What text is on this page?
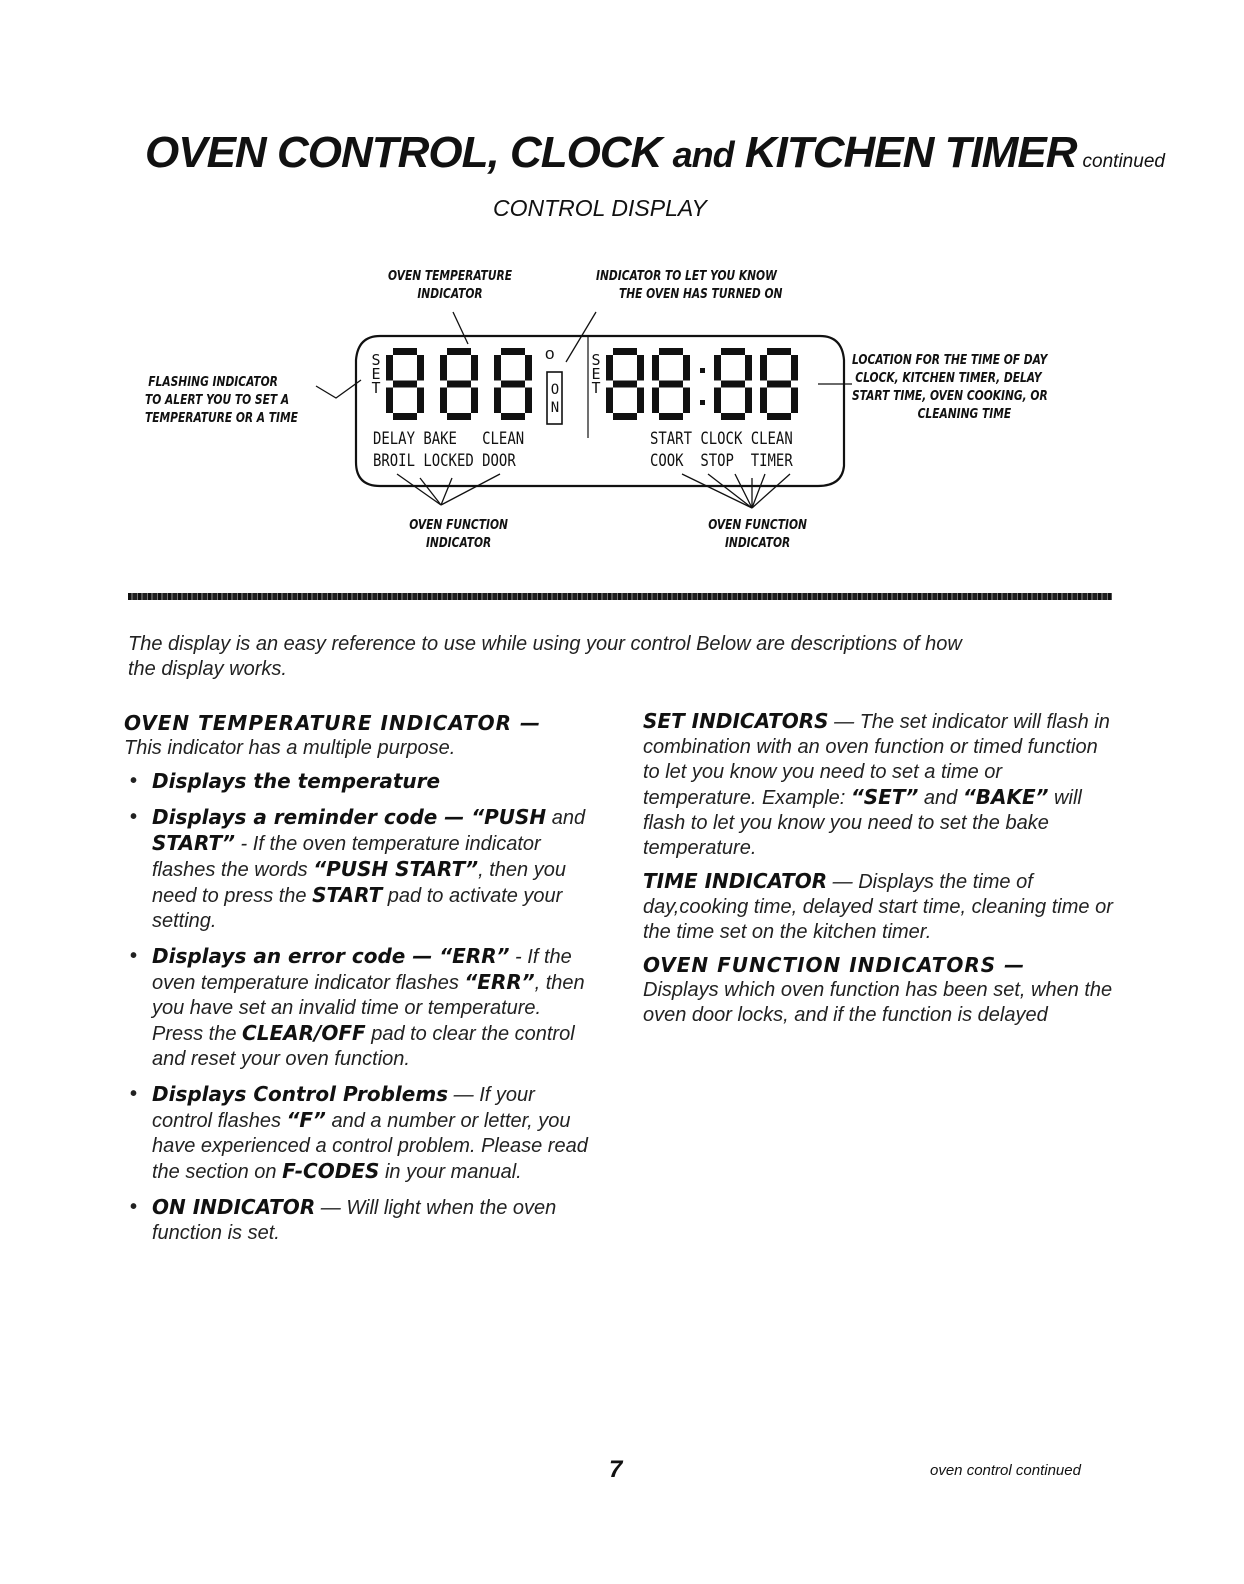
OVEN CONTROL, CLOCK and KITCHEN TIMER continued
CONTROL DISPLAY
OVEN TEMPERATURE
INDICATOR
INDICATOR TO LET YOU KNOW
THE OVEN HAS TURNED ON
FLASHING INDICATOR
TO ALERT YOU TO SET A
TEMPERATURE OR A TIME
LOCATION FOR THE TIME OF DAY
CLOCK, KITCHEN TIMER, DELAY
START TIME, OVEN COOKING, OR
CLEANING TIME
OVEN FUNCTION
INDICATOR
OVEN FUNCTION
INDICATOR
S
E
T
S
E
T
O
N
o
DELAY BAKE CLEAN
BROIL LOCKED DOOR
START CLOCK CLEAN
COOK STOP TIMER
The display is an easy reference to use while using your control Below are descriptions of how
the display works.
OVEN TEMPERATURE INDICATOR —

This indicator has a multiple purpose.

• Displays the temperature
• Displays a reminder code — “PUSH and START” - If the oven temperature indicator flashes the words “PUSH START”, then you need to press the START pad to activate your setting.
• Displays an error code — “ERR” - If the oven temperature indicator flashes “ERR”, then you have set an invalid time or temperature. Press the CLEAR/OFF pad to clear the control and reset your oven function.
• Displays Control Problems — If your control flashes “F” and a number or letter, you have experienced a control problem. Please read the section on F-CODES in your manual.
• ON INDICATOR — Will light when the oven function is set.

SET INDICATORS — The set indicator will flash in combination with an oven function or timed function to let you know you need to set a time or temperature. Example: “SET” and “BAKE” will flash to let you know you need to set the bake temperature.

TIME INDICATOR — Displays the time of day,cooking time, delayed start time, cleaning time or the time set on the kitchen timer.

OVEN FUNCTION INDICATORS —

Displays which oven function has been set, when the oven door locks, and if the function is delayed

7	oven control continued
